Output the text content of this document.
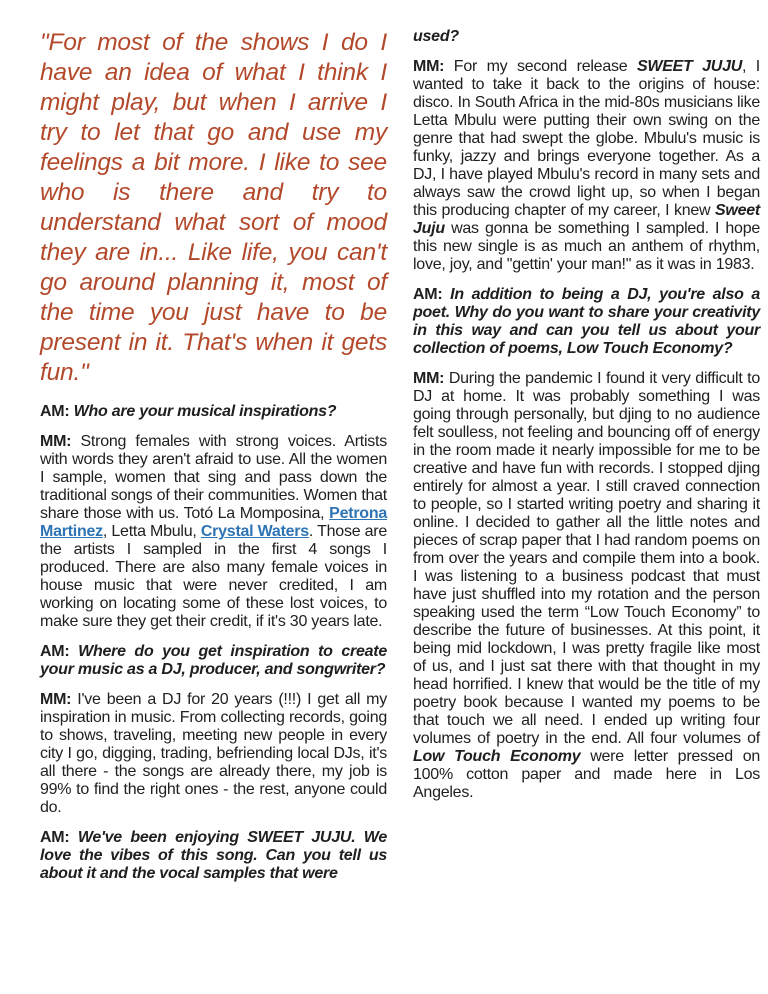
"For most of the shows I do I have an idea of what I think I might play, but when I arrive I try to let that go and use my feelings a bit more. I like to see who is there and try to understand what sort of mood they are in... Like life, you can't go around planning it, most of the time you just have to be present in it. That's when it gets fun."

AM: Who are your musical inspirations?

MM: Strong females with strong voices. Artists with words they aren't afraid to use. All the women I sample, women that sing and pass down the traditional songs of their communities. Women that share those with us. Totó La Momposina, Petrona Martinez, Letta Mbulu, Crystal Waters. Those are the artists I sampled in the first 4 songs I produced. There are also many female voices in house music that were never credited, I am working on locating some of these lost voices, to make sure they get their credit, if it's 30 years late.

AM: Where do you get inspiration to create your music as a DJ, producer, and songwriter?

MM: I've been a DJ for 20 years (!!!) I get all my inspiration in music. From collecting records, going to shows, traveling, meeting new people in every city I go, digging, trading, befriending local DJs, it's all there - the songs are already there, my job is 99% to find the right ones - the rest, anyone could do.

AM: We've been enjoying SWEET JUJU. We love the vibes of this song. Can you tell us about it and the vocal samples that were

used?

MM: For my second release SWEET JUJU, I wanted to take it back to the origins of house: disco. In South Africa in the mid-80s musicians like Letta Mbulu were putting their own swing on the genre that had swept the globe. Mbulu's music is funky, jazzy and brings everyone together. As a DJ, I have played Mbulu's record in many sets and always saw the crowd light up, so when I began this producing chapter of my career, I knew Sweet Juju was gonna be something I sampled. I hope this new single is as much an anthem of rhythm, love, joy, and "gettin' your man!" as it was in 1983.

AM: In addition to being a DJ, you're also a poet. Why do you want to share your creativity in this way and can you tell us about your collection of poems, Low Touch Economy?

MM: During the pandemic I found it very difficult to DJ at home. It was probably something I was going through personally, but djing to no audience felt soulless, not feeling and bouncing off of energy in the room made it nearly impossible for me to be creative and have fun with records. I stopped djing entirely for almost a year. I still craved connection to people, so I started writing poetry and sharing it online. I decided to gather all the little notes and pieces of scrap paper that I had random poems on from over the years and compile them into a book. I was listening to a business podcast that must have just shuffled into my rotation and the person speaking used the term “Low Touch Economy” to describe the future of businesses. At this point, it being mid lockdown, I was pretty fragile like most of us, and I just sat there with that thought in my head horrified. I knew that would be the title of my poetry book because I wanted my poems to be that touch we all need. I ended up writing four volumes of poetry in the end. All four volumes of Low Touch Economy were letter pressed on 100% cotton paper and made here in Los Angeles.
